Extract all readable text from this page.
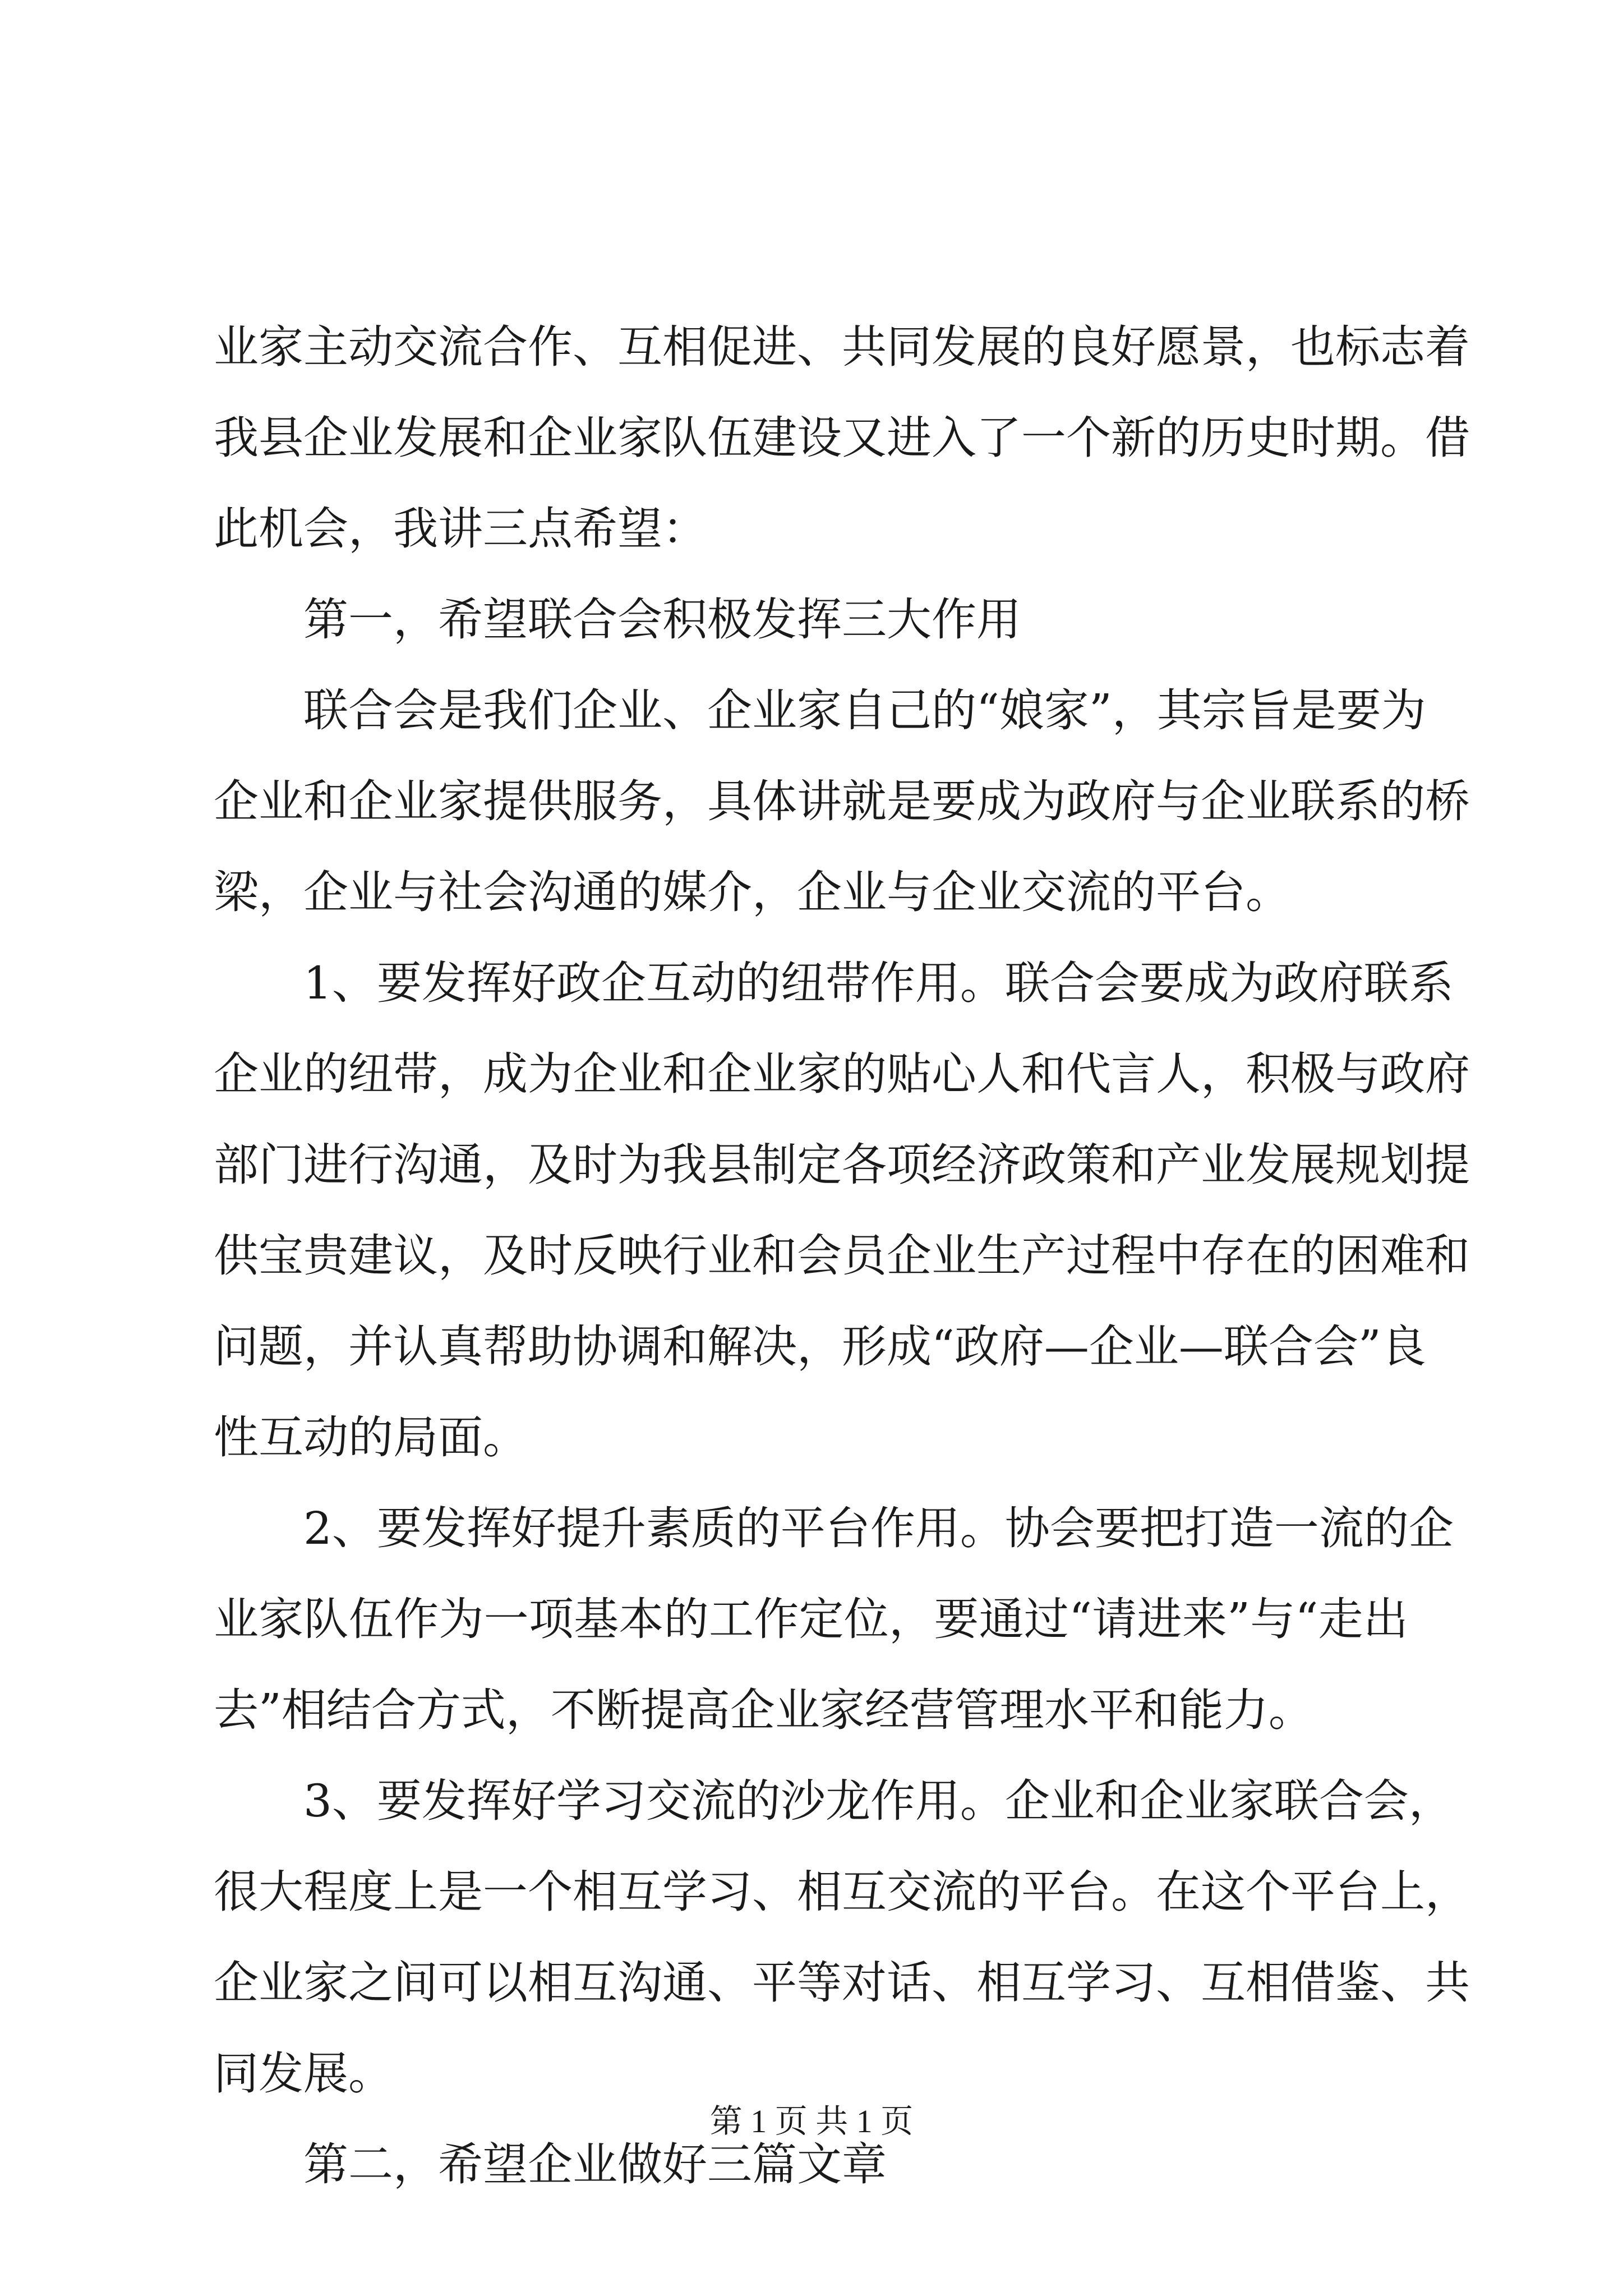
业家主动交流合作、互相促进、共同发展的良好愿景，也标志着
我县企业发展和企业家队伍建设又进入了一个新的历史时期。借
此机会，我讲三点希望：
第一，希望联合会积极发挥三大作用
联合会是我们企业、企业家自己的“娘家”，其宗旨是要为
企业和企业家提供服务，具体讲就是要成为政府与企业联系的桥
梁，企业与社会沟通的媒介，企业与企业交流的平台。
1、要发挥好政企互动的纽带作用。联合会要成为政府联系
企业的纽带，成为企业和企业家的贴心人和代言人，积极与政府
部门进行沟通，及时为我县制定各项经济政策和产业发展规划提
供宝贵建议，及时反映行业和会员企业生产过程中存在的困难和
问题，并认真帮助协调和解决，形成“政府—企业—联合会”良
性互动的局面。
2、要发挥好提升素质的平台作用。协会要把打造一流的企
业家队伍作为一项基本的工作定位，要通过“请进来”与“走出
去”相结合方式，不断提高企业家经营管理水平和能力。
3、要发挥好学习交流的沙龙作用。企业和企业家联合会，
很大程度上是一个相互学习、相互交流的平台。在这个平台上，
企业家之间可以相互沟通、平等对话、相互学习、互相借鉴、共
同发展。
第二，希望企业做好三篇文章
第 1 页 共 1 页
